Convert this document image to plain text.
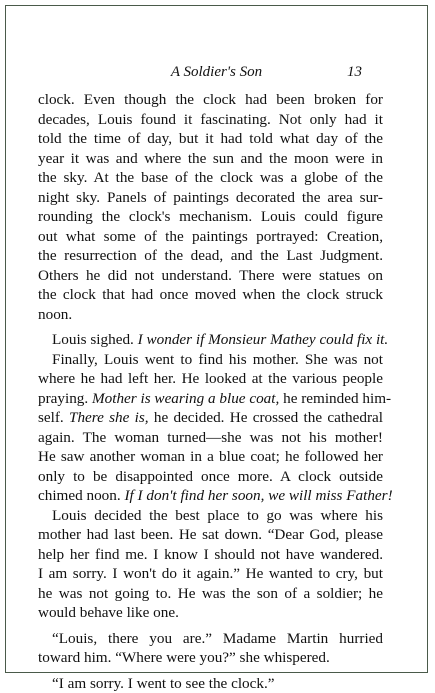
A Soldier's Son	13
clock. Even though the clock had been broken for
decades, Louis found it fascinating. Not only had it
told the time of day, but it had told what day of the
year it was and where the sun and the moon were in
the sky. At the base of the clock was a globe of the
night sky. Panels of paintings decorated the area sur-
rounding the clock's mechanism. Louis could figure
out what some of the paintings portrayed: Creation,
the resurrection of the dead, and the Last Judgment.
Others he did not understand. There were statues on
the clock that had once moved when the clock struck
noon.
Louis sighed. I wonder if Monsieur Mathey could fix it.
Finally, Louis went to find his mother. She was not
where he had left her. He looked at the various people
praying. Mother is wearing a blue coat, he reminded him-
self. There she is, he decided. He crossed the cathedral
again. The woman turned—she was not his mother!
He saw another woman in a blue coat; he followed her
only to be disappointed once more. A clock outside
chimed noon. If I don't find her soon, we will miss Father!
Louis decided the best place to go was where his
mother had last been. He sat down. “Dear God, please
help her find me. I know I should not have wandered.
I am sorry. I won't do it again.” He wanted to cry, but
he was not going to. He was the son of a soldier; he
would behave like one.
“Louis, there you are.” Madame Martin hurried
toward him. “Where were you?” she whispered.
“I am sorry. I went to see the clock.”
